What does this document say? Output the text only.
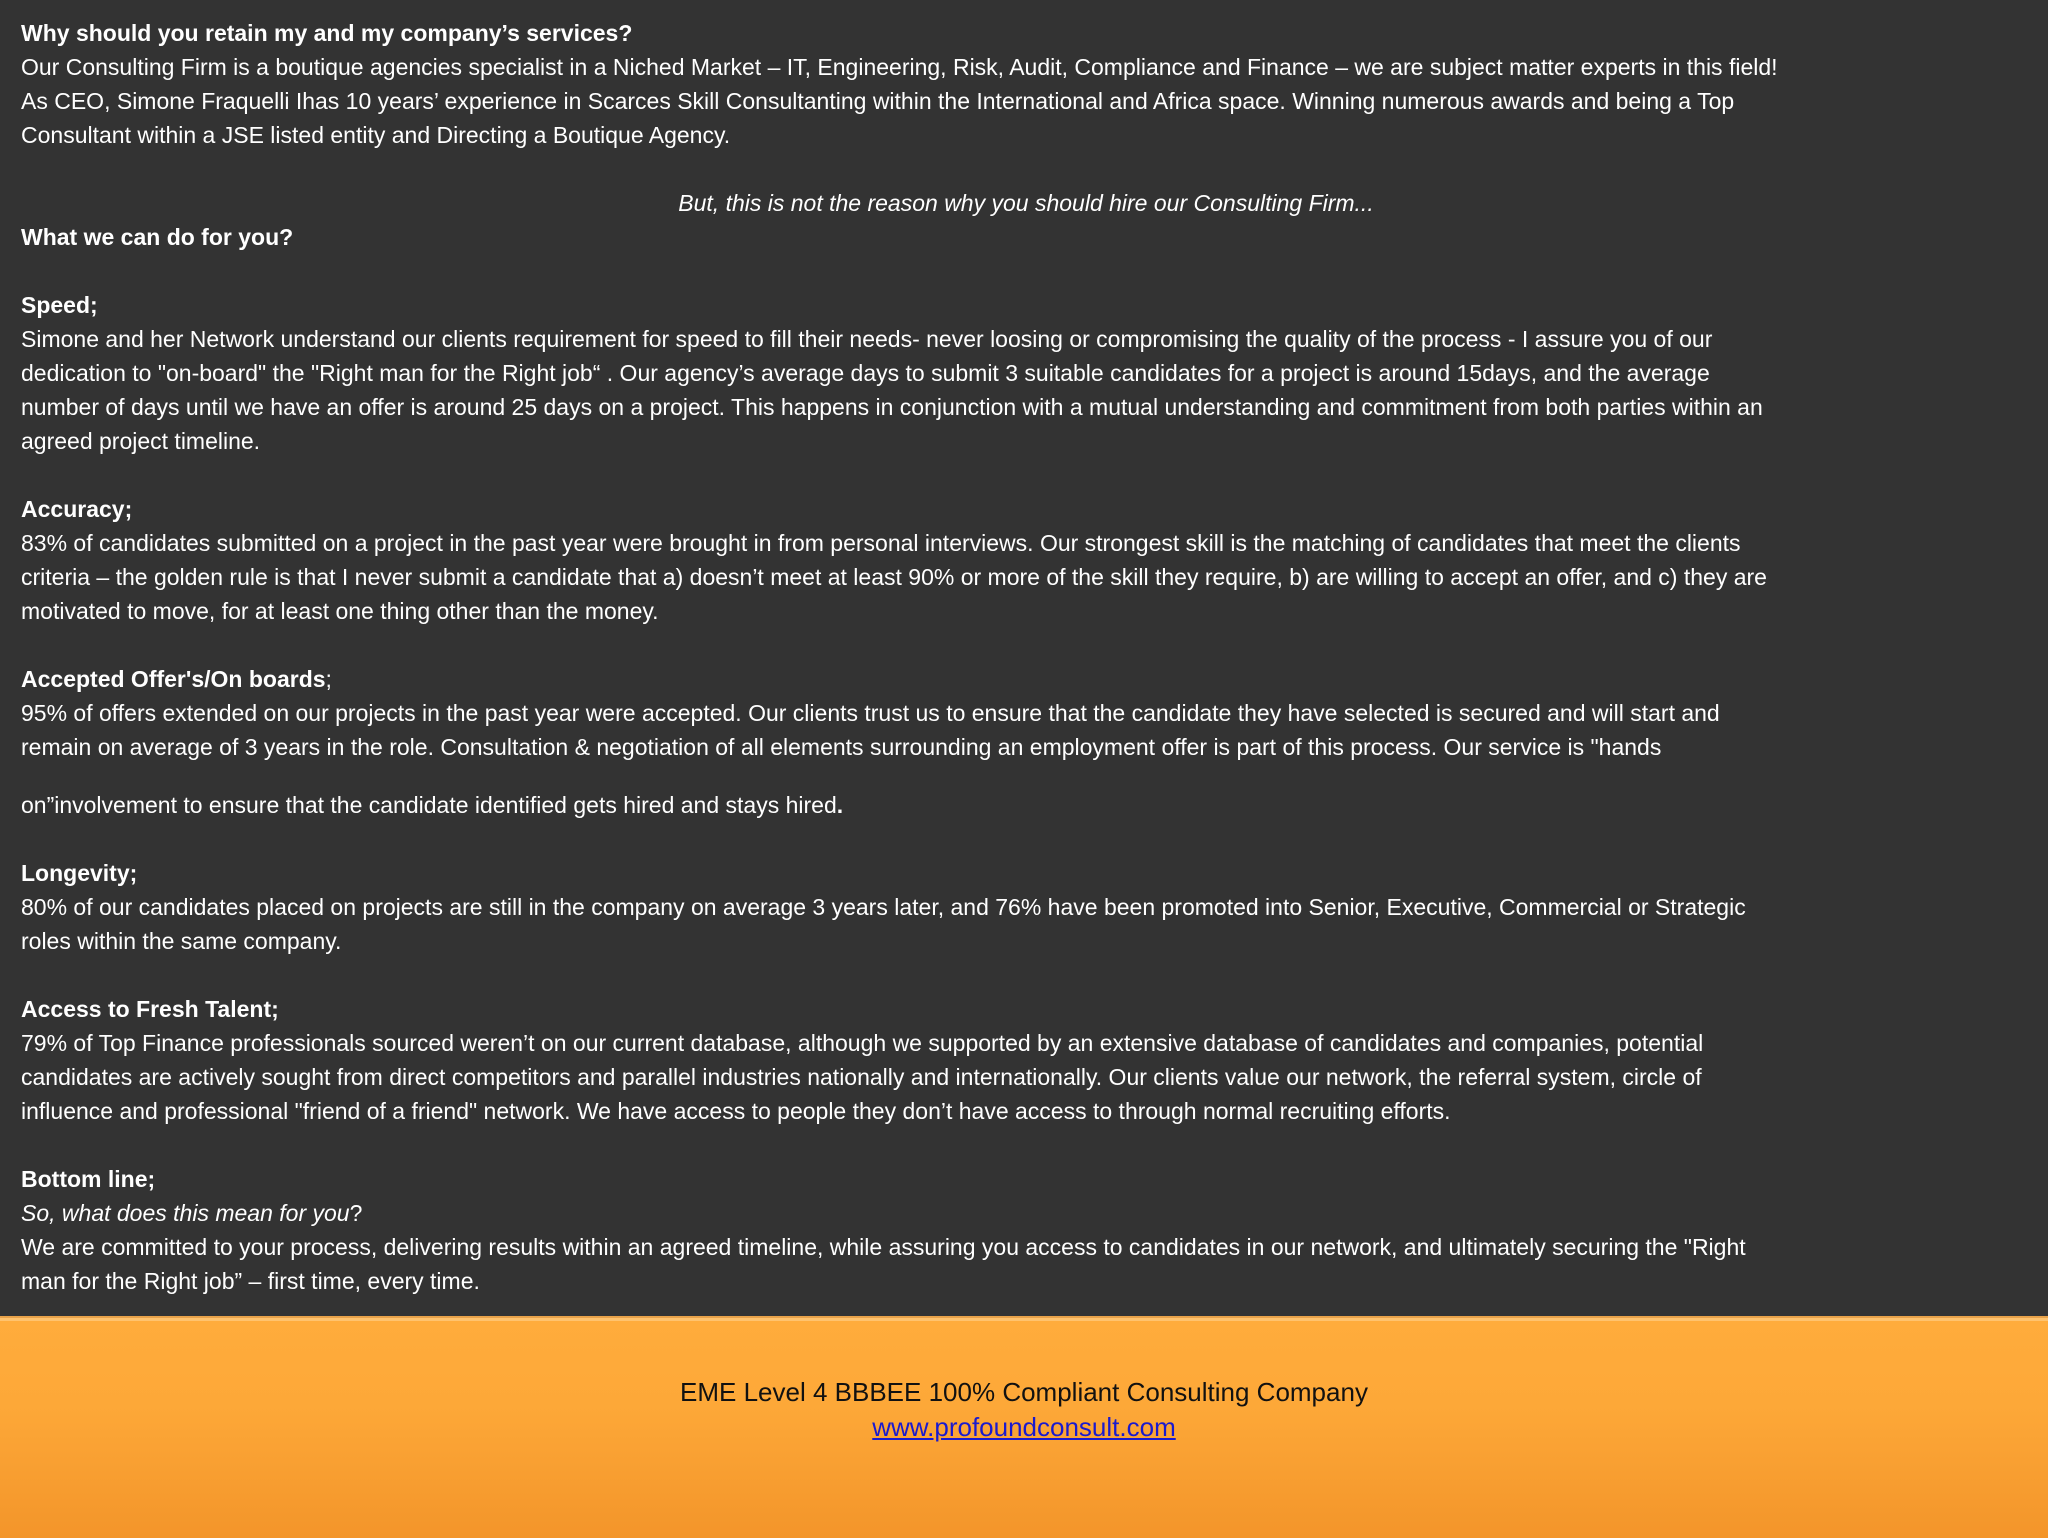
Why should you retain my and my company’s services?
Our Consulting Firm is a boutique agencies specialist in a Niched Market – IT, Engineering, Risk, Audit, Compliance and Finance – we are subject matter experts in this field!
As CEO, Simone Fraquelli Ihas 10 years’ experience in Scarces Skill Consultanting within the International and Africa space. Winning numerous awards and being a Top
Consultant within a JSE listed entity and Directing a Boutique Agency.
But, this is not the reason why you should hire our Consulting Firm...
What we can do for you?
Speed;
Simone and her Network understand our clients requirement for speed to fill their needs- never loosing or compromising the quality of the process - I assure you of our
dedication to "on-board" the "Right man for the Right job“ . Our agency’s average days to submit 3 suitable candidates for a project is around 15days, and the average
number of days until we have an offer is around 25 days on a project. This happens in conjunction with a mutual understanding and commitment from both parties within an
agreed project timeline.
Accuracy;
83% of candidates submitted on a project in the past year were brought in from personal interviews. Our strongest skill is the matching of candidates that meet the clients
criteria – the golden rule is that I never submit a candidate that a) doesn’t meet at least 90% or more of the skill they require, b) are willing to accept an offer, and c) they are
motivated to move, for at least one thing other than the money.
Accepted Offer's/On boards;
95% of offers extended on our projects in the past year were accepted. Our clients trust us to ensure that the candidate they have selected is secured and will start and
remain on average of 3 years in the role. Consultation & negotiation of all elements surrounding an employment offer is part of this process. Our service is "hands
on”involvement to ensure that the candidate identified gets hired and stays hired.
Longevity;
80% of our candidates placed on projects are still in the company on average 3 years later, and 76% have been promoted into Senior, Executive, Commercial or Strategic
roles within the same company.
Access to Fresh Talent;
79% of Top Finance professionals sourced weren’t on our current database, although we supported by an extensive database of candidates and companies, potential
candidates are actively sought from direct competitors and parallel industries nationally and internationally. Our clients value our network, the referral system, circle of
influence and professional "friend of a friend" network. We have access to people they don’t have access to through normal recruiting efforts.
Bottom line;
So, what does this mean for you?
We are committed to your process, delivering results within an agreed timeline, while assuring you access to candidates in our network, and ultimately securing the "Right
man for the Right job” – first time, every time.
EME Level 4 BBBEE 100% Compliant Consulting Company
www.profoundconsult.com
